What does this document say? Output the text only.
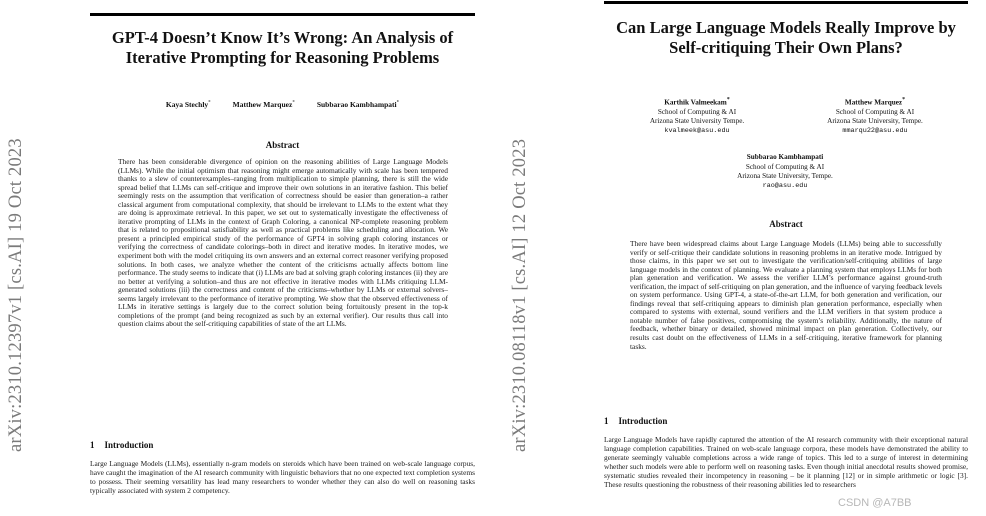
GPT-4 Doesn’t Know It’s Wrong: An Analysis of Iterative Prompting for Reasoning Problems
Kaya Stechly*	Matthew Marquez*	Subbarao Kambhampati*
Abstract
There has been considerable divergence of opinion on the reasoning abilities of Large Language Models (LLMs). While the initial optimism that reasoning might emerge automatically with scale has been tempered thanks to a slew of counterexamples–ranging from multiplication to simple planning, there is still the wide spread belief that LLMs can self-critique and improve their own solutions in an iterative fashion. This belief seemingly rests on the assumption that verification of correctness should be easier than generation–a rather classical argument from computational complexity, that should be irrelevant to LLMs to the extent what they are doing is approximate retrieval. In this paper, we set out to systematically investigate the effectiveness of iterative prompting of LLMs in the context of Graph Coloring, a canonical NP-complete reasoning problem that is related to propositional satisfiability as well as practical problems like scheduling and allocation. We present a principled empirical study of the performance of GPT4 in solving graph coloring instances or verifying the correctness of candidate colorings–both in direct and iterative modes. In iterative modes, we experiment both with the model critiquing its own answers and an external correct reasoner verifying proposed solutions. In both cases, we analyze whether the content of the criticisms actually affects bottom line performance. The study seems to indicate that (i) LLMs are bad at solving graph coloring instances (ii) they are no better at verifying a solution–and thus are not effective in iterative modes with LLMs critiquing LLM-generated solutions (iii) the correctness and content of the criticisms–whether by LLMs or external solvers–seems largely irrelevant to the performance of iterative prompting. We show that the observed effectiveness of LLMs in iterative settings is largely due to the correct solution being fortuitously present in the top-k completions of the prompt (and being recognized as such by an external verifier). Our results thus call into question claims about the self-critiquing capabilities of state of the art LLMs.
1 Introduction
Large Language Models (LLMs), essentially n-gram models on steroids which have been trained on web-scale language corpus, have caught the imagination of the AI research community with linguistic behaviors that no one expected text completion systems to possess. Their seeming versatility has lead many researchers to wonder whether they can also do well on reasoning tasks typically associated with system 2 competency.
arXiv:2310.12397v1 [cs.AI] 19 Oct 2023	arXiv:2310.08118v1 [cs.AI] 12 Oct 2023
Can Large Language Models Really Improve by Self-critiquing Their Own Plans?
Karthik Valmeekam*
School of Computing & AI
Arizona State University Tempe.
kvalmeek@asu.edu
Matthew Marquez*
School of Computing & AI
Arizona State University, Tempe.
mmarqu22@asu.edu
Subbarao Kambhampati
School of Computing & AI
Arizona State University, Tempe.
rao@asu.edu
Abstract
There have been widespread claims about Large Language Models (LLMs) being able to successfully verify or self-critique their candidate solutions in reasoning problems in an iterative mode. Intrigued by those claims, in this paper we set out to investigate the verification/self-critiquing abilities of large language models in the context of planning. We evaluate a planning system that employs LLMs for both plan generation and verification. We assess the verifier LLM’s performance against ground-truth verification, the impact of self-critiquing on plan generation, and the influence of varying feedback levels on system performance. Using GPT-4, a state-of-the-art LLM, for both generation and verification, our findings reveal that self-critiquing appears to diminish plan generation performance, especially when compared to systems with external, sound verifiers and the LLM verifiers in that system produce a notable number of false positives, compromising the system’s reliability. Additionally, the nature of feedback, whether binary or detailed, showed minimal impact on plan generation. Collectively, our results cast doubt on the effectiveness of LLMs in a self-critiquing, iterative framework for planning tasks.
1 Introduction
Large Language Models have rapidly captured the attention of the AI research community with their exceptional natural language completion capabilities. Trained on web-scale language corpora, these models have demonstrated the ability to generate seemingly valuable completions across a wide range of topics. This led to a surge of interest in determining whether such models were able to perform well on reasoning tasks. Even though initial anecdotal results showed promise, systematic studies revealed their incompetency in reasoning – be it planning [12] or in simple arithmetic or logic [3]. These results questioning the robustness of their reasoning abilities led to researchers
CSDN @A7BB
